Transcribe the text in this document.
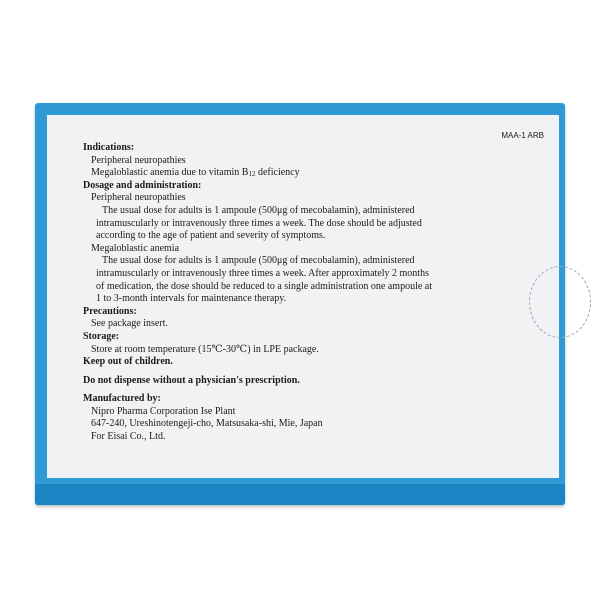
MAA-1 ARB
Indications:
Peripheral neuropathies
Megaloblastic anemia due to vitamin $B_{12}$ deficiency
Dosage and administration:
Peripheral neuropathies
The usual dose for adults is 1 ampoule (500μg of mecobalamin), administered
intramuscularly or intravenously three times a week. The dose should be adjusted
according to the age of patient and severity of symptoms.
Megaloblastic anemia
The usual dose for adults is 1 ampoule (500μg of mecobalamin), administered
intramuscularly or intravenously three times a week. After approximately 2 months
of medication, the dose should be reduced to a single administration one ampoule at
1 to 3-month intervals for maintenance therapy.
Precautions:
See package insert.
Storage:
Store at room temperature (15℃-30℃) in LPE package.
Keep out of children.
Do not dispense without a physician's prescription.
Manufactured by:
Nipro Pharma Corporation Ise Plant
647-240, Ureshinotengeji-cho, Matsusaka-shi, Mie, Japan
For Eisai Co., Ltd.
